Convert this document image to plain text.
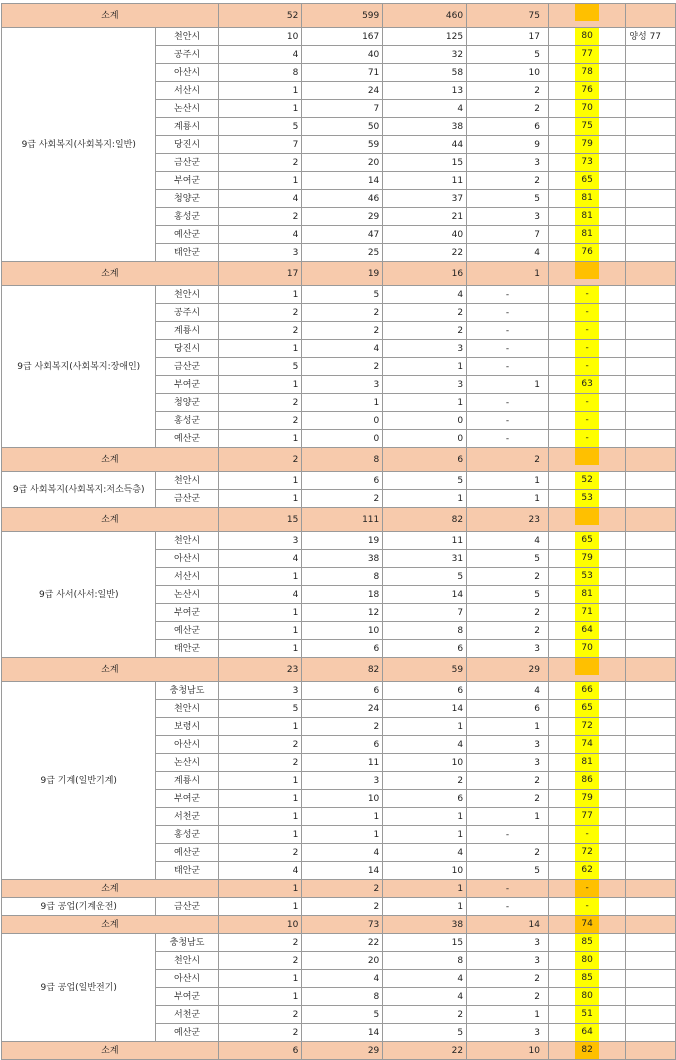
소계		52	599	460	75		
9급 사회복지(사회복지:일반)	천안시	10	167	125	17	80	양성 77
	공주시	4	40	32	5	77	
	아산시	8	71	58	10	78	
	서산시	1	24	13	2	76	
	논산시	1	7	4	2	70	
	계룡시	5	50	38	6	75	
	당진시	7	59	44	9	79	
	금산군	2	20	15	3	73	
	부여군	1	14	11	2	65	
	청양군	4	46	37	5	81	
	홍성군	2	29	21	3	81	
	예산군	4	47	40	7	81	
	태안군	3	25	22	4	76	
소계		17	19	16	1		
9급 사회복지(사회복지:장애인)	천안시	1	5	4	-	-	
	공주시	2	2	2	-	-	
	계룡시	2	2	2	-	-	
	당진시	1	4	3	-	-	
	금산군	5	2	1	-	-	
	부여군	1	3	3	1	63	
	청양군	2	1	1	-	-	
	홍성군	2	0	0	-	-	
	예산군	1	0	0	-	-	
소계		2	8	6	2		
9급 사회복지(사회복지:저소득층)	천안시	1	6	5	1	52	
	금산군	1	2	1	1	53	
소계		15	111	82	23		
9급 사서(사서:일반)	천안시	3	19	11	4	65	
	아산시	4	38	31	5	79	
	서산시	1	8	5	2	53	
	논산시	4	18	14	5	81	
	부여군	1	12	7	2	71	
	예산군	1	10	8	2	64	
	태안군	1	6	6	3	70	
소계		23	82	59	29		
9급 기계(일반기계)	충청남도	3	6	6	4	66	
	천안시	5	24	14	6	65	
	보령시	1	2	1	1	72	
	아산시	2	6	4	3	74	
	논산시	2	11	10	3	81	
	계룡시	1	3	2	2	86	
	부여군	1	10	6	2	79	
	서천군	1	1	1	1	77	
	홍성군	1	1	1	-	-	
	예산군	2	4	4	2	72	
	태안군	4	14	10	5	62	
소계		1	2	1	-	-	
9급 공업(기계운전)	금산군	1	2	1	-	-	
소계		10	73	38	14	74	
9급 공업(일반전기)	충청남도	2	22	15	3	85	
	천안시	2	20	8	3	80	
	아산시	1	4	4	2	85	
	부여군	1	8	4	2	80	
	서천군	2	5	2	1	51	
	예산군	2	14	5	3	64	
소계		6	29	22	10	82	
